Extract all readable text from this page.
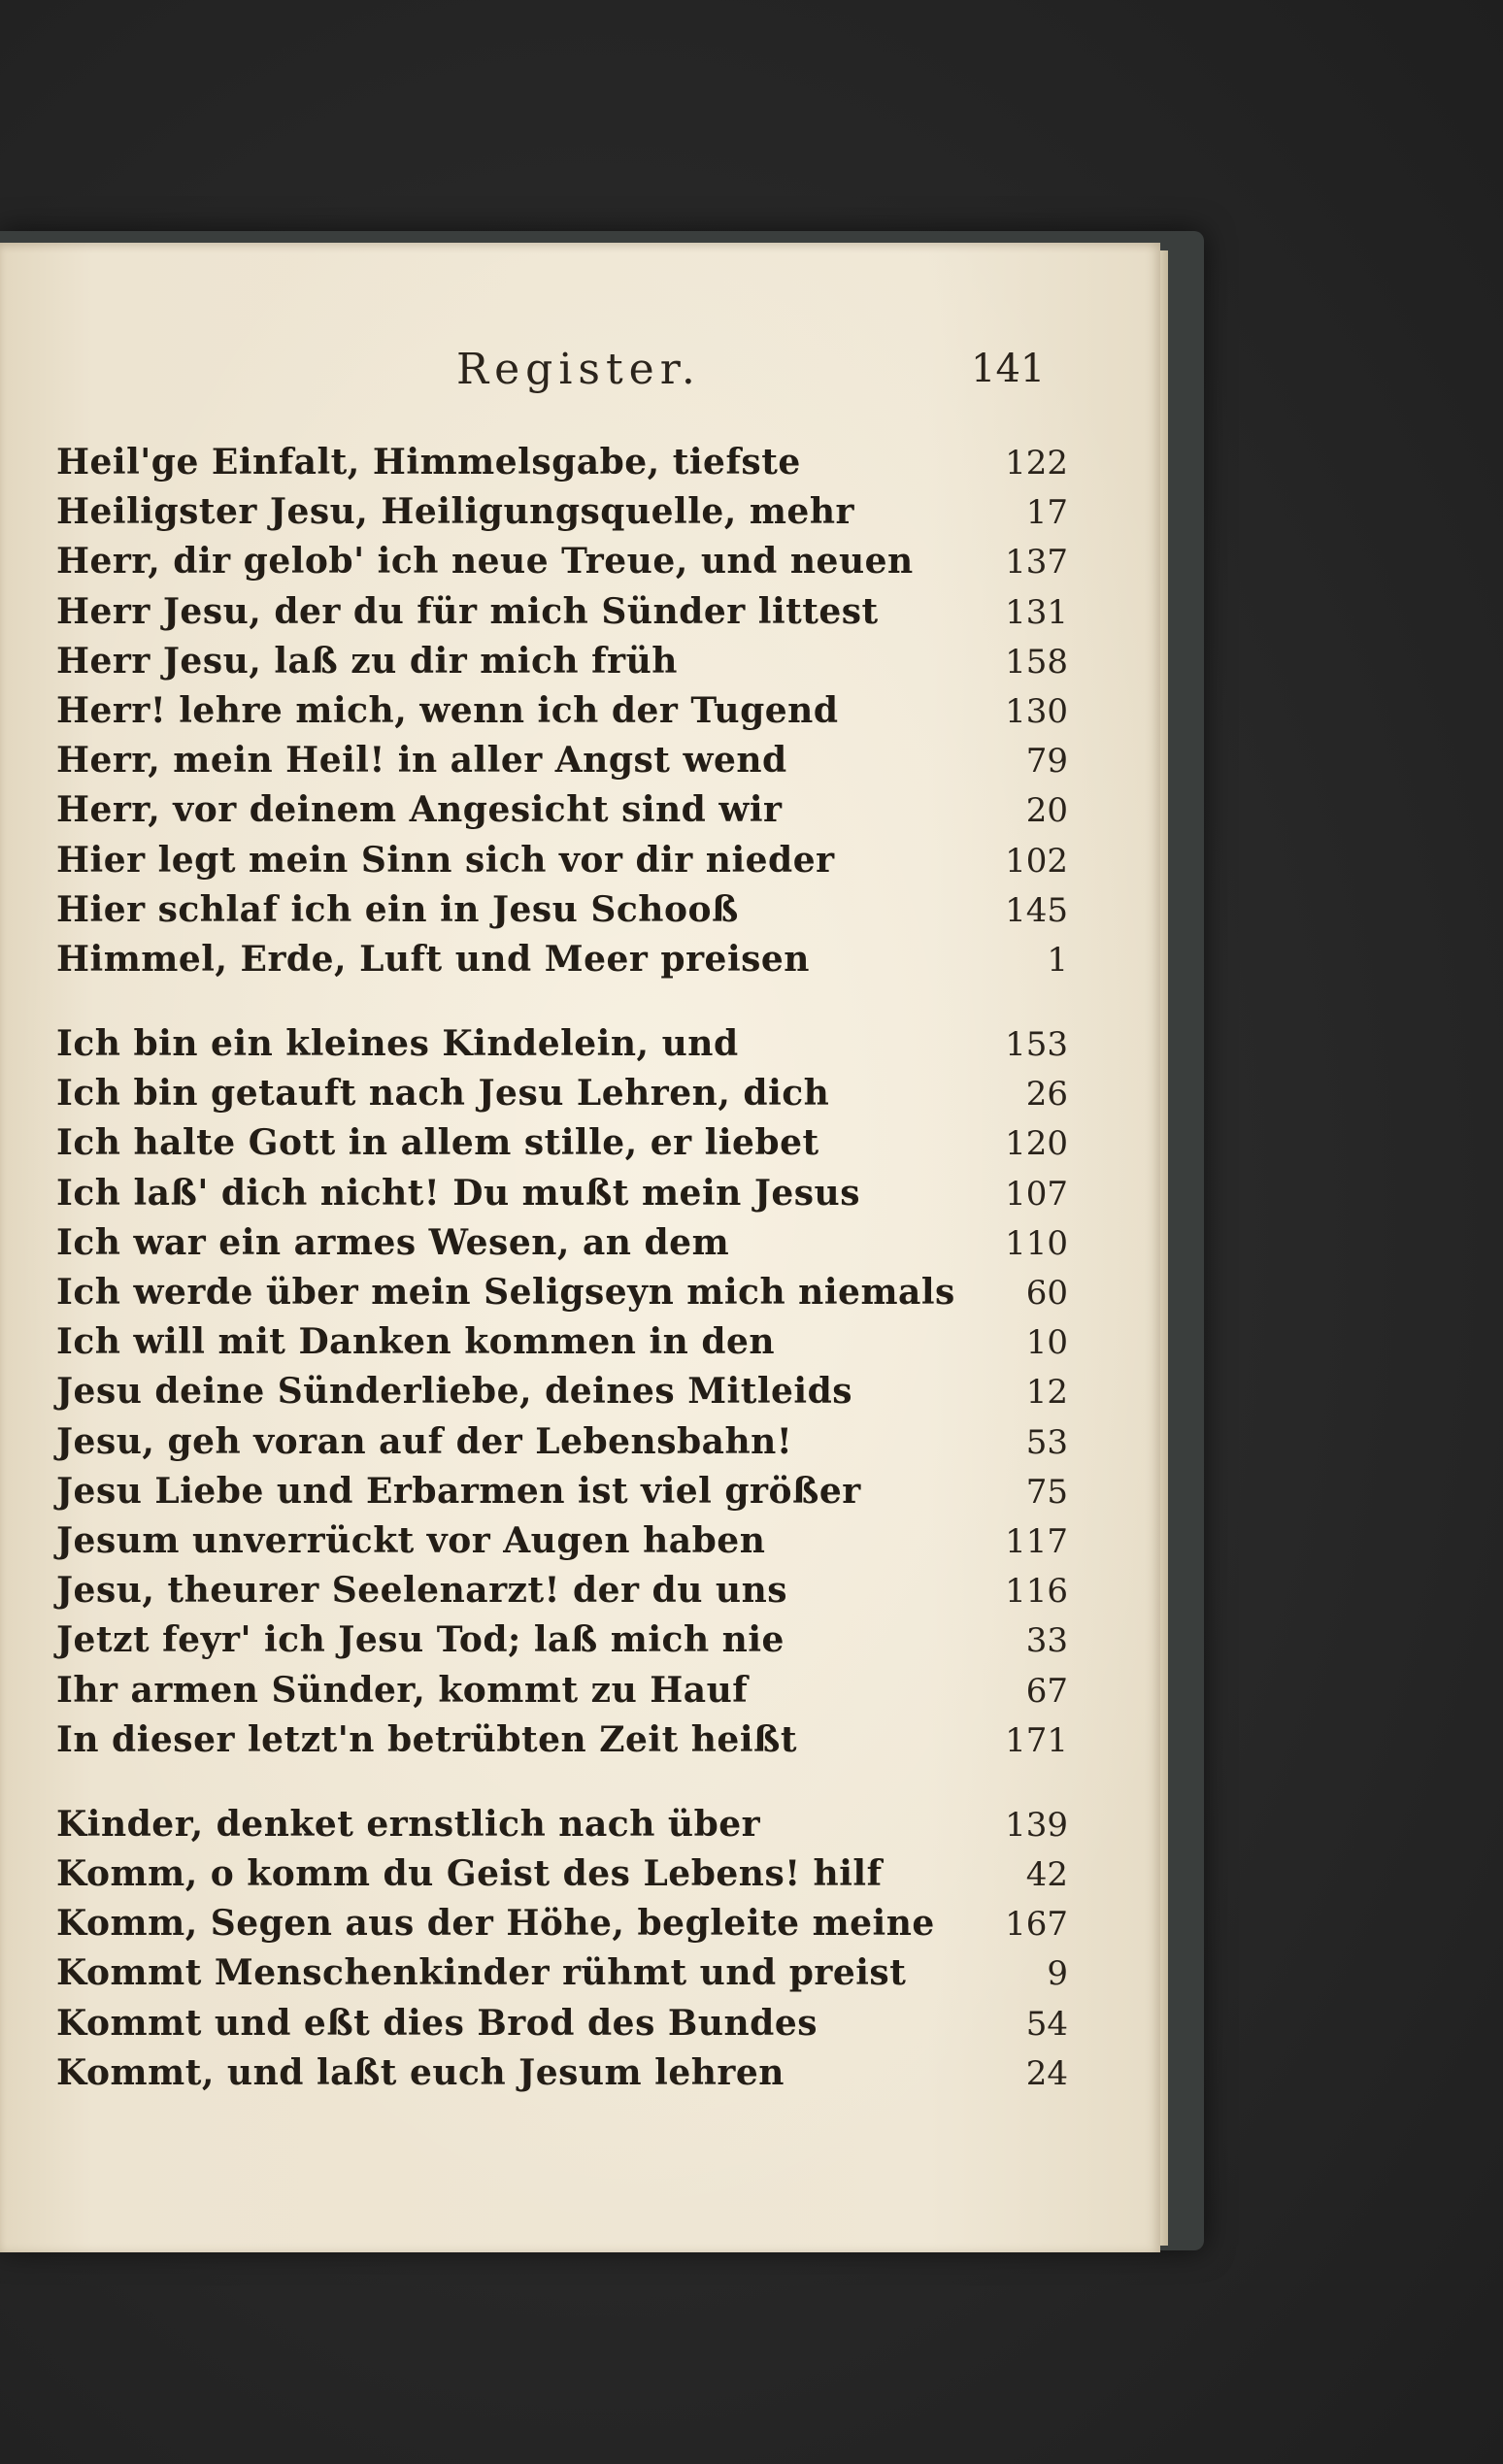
Register.	141
Heil'ge Einfalt, Himmelsgabe, tiefste	122
Heiligster Jesu, Heiligungsquelle, mehr	17
Herr, dir gelob' ich neue Treue, und neuen	137
Herr Jesu, der du für mich Sünder littest	131
Herr Jesu, laß zu dir mich früh	158
Herr! lehre mich, wenn ich der Tugend	130
Herr, mein Heil! in aller Angst wend	79
Herr, vor deinem Angesicht sind wir	20
Hier legt mein Sinn sich vor dir nieder	102
Hier schlaf ich ein in Jesu Schooß	145
Himmel, Erde, Luft und Meer preisen	1
Ich bin ein kleines Kindelein, und	153
Ich bin getauft nach Jesu Lehren, dich	26
Ich halte Gott in allem stille, er liebet	120
Ich laß' dich nicht! Du mußt mein Jesus	107
Ich war ein armes Wesen, an dem	110
Ich werde über mein Seligseyn mich niemals	60
Ich will mit Danken kommen in den	10
Jesu deine Sünderliebe, deines Mitleids	12
Jesu, geh voran auf der Lebensbahn!	53
Jesu Liebe und Erbarmen ist viel größer	75
Jesum unverrückt vor Augen haben	117
Jesu, theurer Seelenarzt! der du uns	116
Jetzt feyr' ich Jesu Tod; laß mich nie	33
Ihr armen Sünder, kommt zu Hauf	67
In dieser letzt'n betrübten Zeit heißt	171
Kinder, denket ernstlich nach über	139
Komm, o komm du Geist des Lebens! hilf	42
Komm, Segen aus der Höhe, begleite meine	167
Kommt Menschenkinder rühmt und preist	9
Kommt und eßt dies Brod des Bundes	54
Kommt, und laßt euch Jesum lehren	24
